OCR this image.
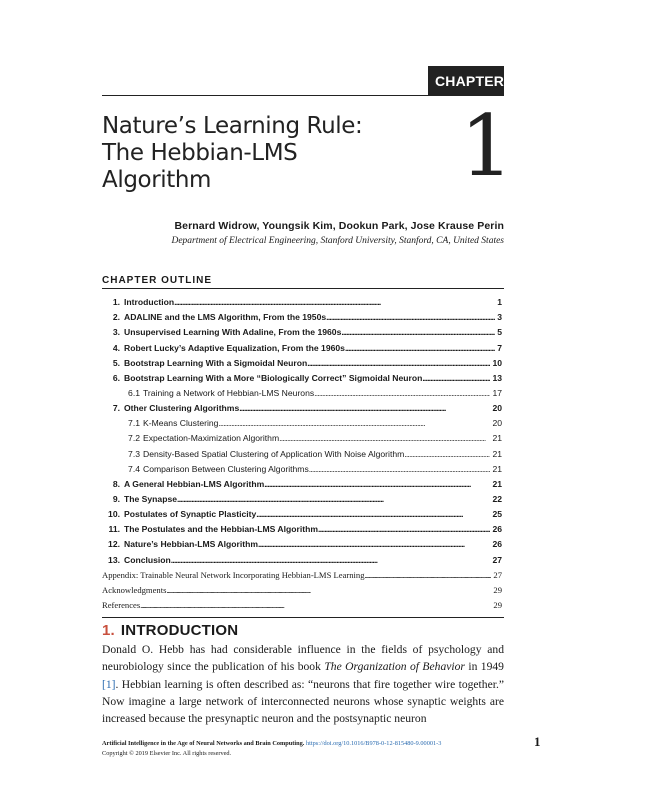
CHAPTER
Nature’s Learning Rule:
The Hebbian-LMS
Algorithm	1
Bernard Widrow, Youngsik Kim, Dookun Park, Jose Krause Perin
Department of Electrical Engineering, Stanford University, Stanford, CA, United States
CHAPTER OUTLINE
1. Introduction . . .	1
2. ADALINE and the LMS Algorithm, From the 1950s . . .	3
3. Unsupervised Learning With Adaline, From the 1960s . . .	5
4. Robert Lucky’s Adaptive Equalization, From the 1960s . . .	7
5. Bootstrap Learning With a Sigmoidal Neuron . . .	10
6. Bootstrap Learning With a More “Biologically Correct” Sigmoidal Neuron . . .	13
6.1 Training a Network of Hebbian-LMS Neurons . . .	17
7. Other Clustering Algorithms . . .	20
7.1 K-Means Clustering . . .	20
7.2 Expectation-Maximization Algorithm . . .	21
7.3 Density-Based Spatial Clustering of Application With Noise Algorithm . . .	21
7.4 Comparison Between Clustering Algorithms . . .	21
8. A General Hebbian-LMS Algorithm . . .	21
9. The Synapse . . .	22
10. Postulates of Synaptic Plasticity . . .	25
11. The Postulates and the Hebbian-LMS Algorithm . . .	26
12. Nature’s Hebbian-LMS Algorithm . . .	26
13. Conclusion . . .	27
Appendix: Trainable Neural Network Incorporating Hebbian-LMS Learning . . .	27
Acknowledgments . . .	29
References . . .	29
1. INTRODUCTION
Donald O. Hebb has had considerable influence in the fields of psychology and neurobiology since the publication of his book The Organization of Behavior in 1949 [1]. Hebbian learning is often described as: “neurons that fire together wire together.” Now imagine a large network of interconnected neurons whose synaptic weights are increased because the presynaptic neuron and the postsynaptic neuron
Artificial Intelligence in the Age of Neural Networks and Brain Computing. https://doi.org/10.1016/B978-0-12-815480-9.00001-3
Copyright © 2019 Elsevier Inc. All rights reserved.
1
